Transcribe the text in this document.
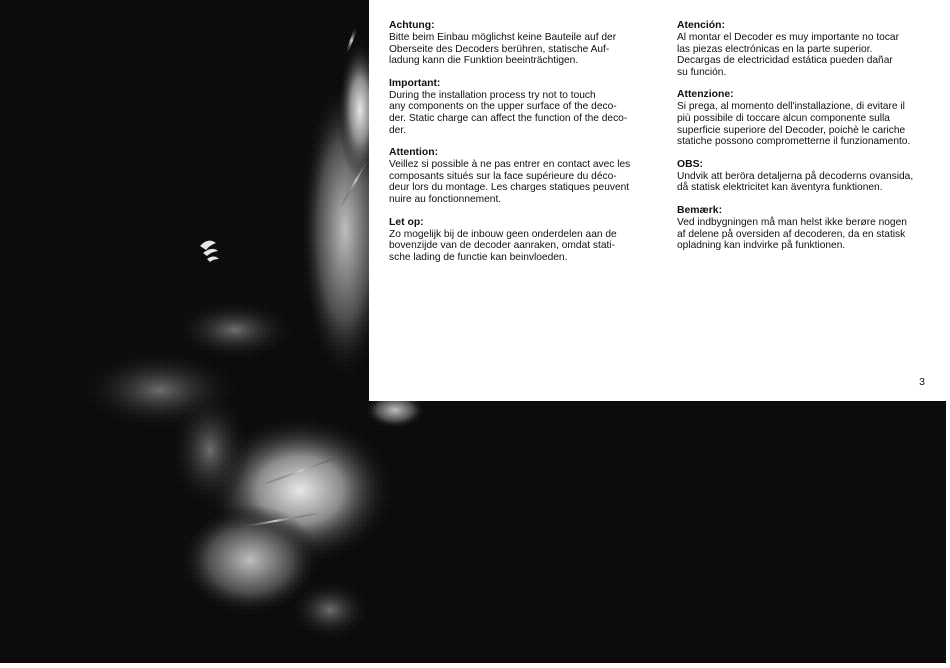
Achtung:

Bitte beim Einbau möglichst keine Bauteile auf der
Oberseite des Decoders berühren, statische Auf-
ladung kann die Funktion beeinträchtigen.

Important:

During the installation process try not to touch
any components on the upper surface of the deco-
der. Static charge can affect the function of the deco-
der.

Attention:

Veillez si possible à ne pas entrer en contact avec les
composants situés sur la face supérieure du déco-
deur lors du montage. Les charges statiques peuvent
nuire au fonctionnement.

Let op:

Zo mogelijk bij de inbouw geen onderdelen aan de
bovenzijde van de decoder aanraken, omdat stati-
sche lading de functie kan beinvloeden.

Atención:

Al montar el Decoder es muy importante no tocar
las piezas electrónicas en la parte superior.
Decargas de electricidad estática pueden dañar
su función.

Attenzione:

Si prega, al momento dell'installazione, di evitare il
più possibile di toccare alcun componente sulla
superficie superiore del Decoder, poichè le cariche
statiche possono comprometterne il funzionamento.

OBS:

Undvik att beröra detaljerna på decoderns ovansida,
då statisk elektricitet kan äventyra funktionen.

Bemærk:

Ved indbygningen må man helst ikke berøre nogen
af delene på oversiden af decoderen, da en statisk
opladning kan indvirke på funktionen.

3
